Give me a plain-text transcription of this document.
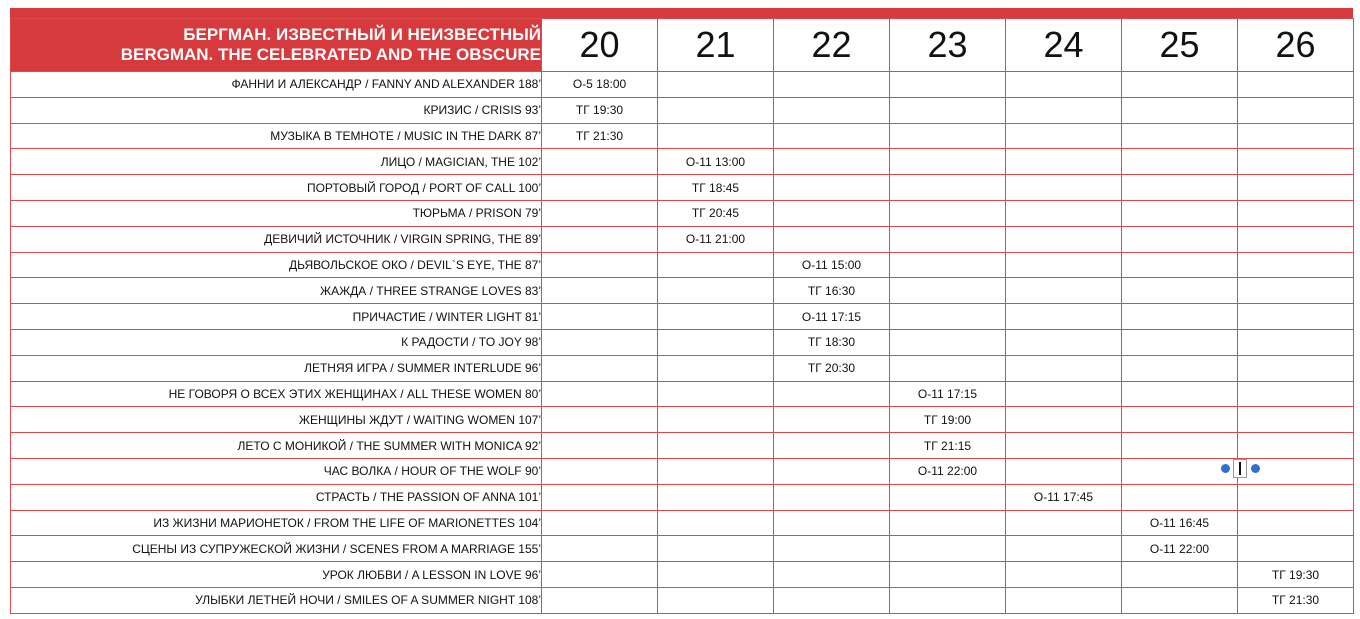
БЕРГМАН. ИЗВЕСТНЫЙ И НЕИЗВЕСТНЫЙ
BERGMAN. THE CELEBRATED AND THE OBSCURE	20	21	22	23	24	25	26
ФАННИ И АЛЕКСАНДР / FANNY AND ALEXANDER 188’	О-5 18:00						
КРИЗИС / CRISIS 93’	ТГ 19:30						
МУЗЫКА В ТЕМНОТЕ / MUSIC IN THE DARK 87’	ТГ 21:30						
ЛИЦО / MAGICIAN, THE 102’		О-11 13:00					
ПОРТОВЫЙ ГОРОД / PORT OF CALL 100’		ТГ 18:45					
ТЮРЬМА / PRISON 79’		ТГ 20:45					
ДЕВИЧИЙ ИСТОЧНИК / VIRGIN SPRING, THE 89’		О-11 21:00					
ДЬЯВОЛЬСКОЕ ОКО / DEVIL`S EYE, THE 87’			О-11 15:00				
ЖАЖДА / THREE STRANGE LOVES 83’			ТГ 16:30				
ПРИЧАСТИЕ / WINTER LIGHT 81’			О-11 17:15				
К РАДОСТИ / TO JOY 98’			ТГ 18:30				
ЛЕТНЯЯ ИГРА / SUMMER INTERLUDE 96’			ТГ 20:30				
НЕ ГОВОРЯ О ВСЕХ ЭТИХ ЖЕНЩИНАХ / ALL THESE WOMEN 80’				О-11 17:15			
ЖЕНЩИНЫ ЖДУТ / WAITING WOMEN 107’				ТГ 19:00			
ЛЕТО С МОНИКОЙ / THE SUMMER WITH MONICA 92’				ТГ 21:15			
ЧАС ВОЛКА / HOUR OF THE WOLF 90’				О-11 22:00			
СТРАСТЬ / THE PASSION OF ANNA 101’					О-11 17:45		
ИЗ ЖИЗНИ МАРИОНЕТОК / FROM THE LIFE OF MARIONETTES 104’						О-11 16:45	
СЦЕНЫ ИЗ СУПРУЖЕСКОЙ ЖИЗНИ / SCENES FROM A MARRIAGE 155’						О-11 22:00	
УРОК ЛЮБВИ / A LESSON IN LOVE 96’							ТГ 19:30
УЛЫБКИ ЛЕТНЕЙ НОЧИ / SMILES OF A SUMMER NIGHT 108’							ТГ 21:30
